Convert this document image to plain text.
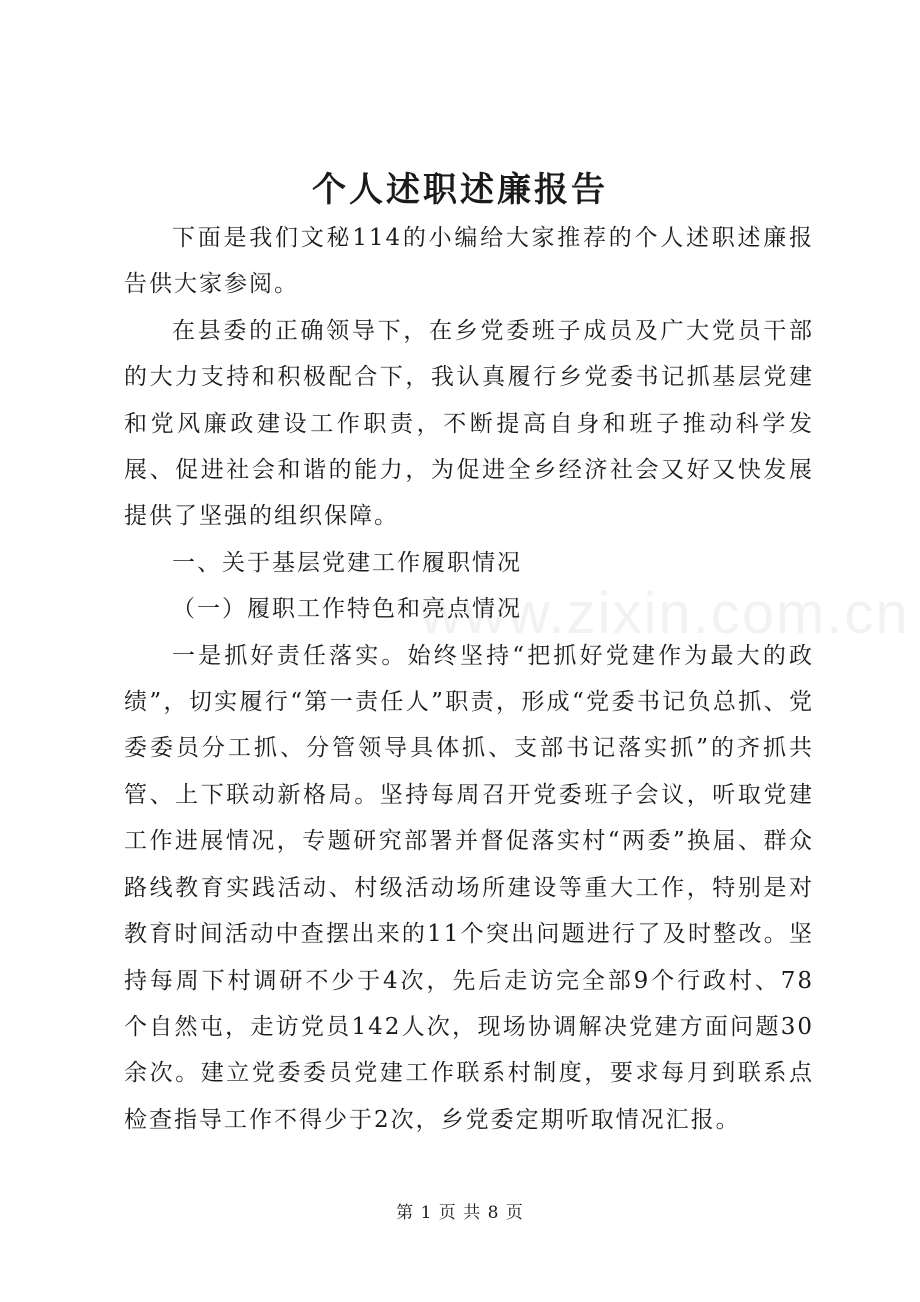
www.zixin.com.cn
个人述职述廉报告

下面是我们文秘114的小编给大家推荐的个人述职述廉报告供大家参阅。

在县委的正确领导下，在乡党委班子成员及广大党员干部的大力支持和积极配合下，我认真履行乡党委书记抓基层党建和党风廉政建设工作职责，不断提高自身和班子推动科学发展、促进社会和谐的能力，为促进全乡经济社会又好又快发展提供了坚强的组织保障。

一、关于基层党建工作履职情况

（一）履职工作特色和亮点情况

一是抓好责任落实。始终坚持“把抓好党建作为最大的政绩”，切实履行“第一责任人”职责，形成“党委书记负总抓、党委委员分工抓、分管领导具体抓、支部书记落实抓”的齐抓共管、上下联动新格局。坚持每周召开党委班子会议，听取党建工作进展情况，专题研究部署并督促落实村“两委”换届、群众路线教育实践活动、村级活动场所建设等重大工作，特别是对教育时间活动中查摆出来的11个突出问题进行了及时整改。坚持每周下村调研不少于4次，先后走访完全部9个行政村、78个自然屯，走访党员142人次，现场协调解决党建方面问题30余次。建立党委委员党建工作联系村制度，要求每月到联系点检查指导工作不得少于2次，乡党委定期听取情况汇报。

第 1 页 共 8 页
